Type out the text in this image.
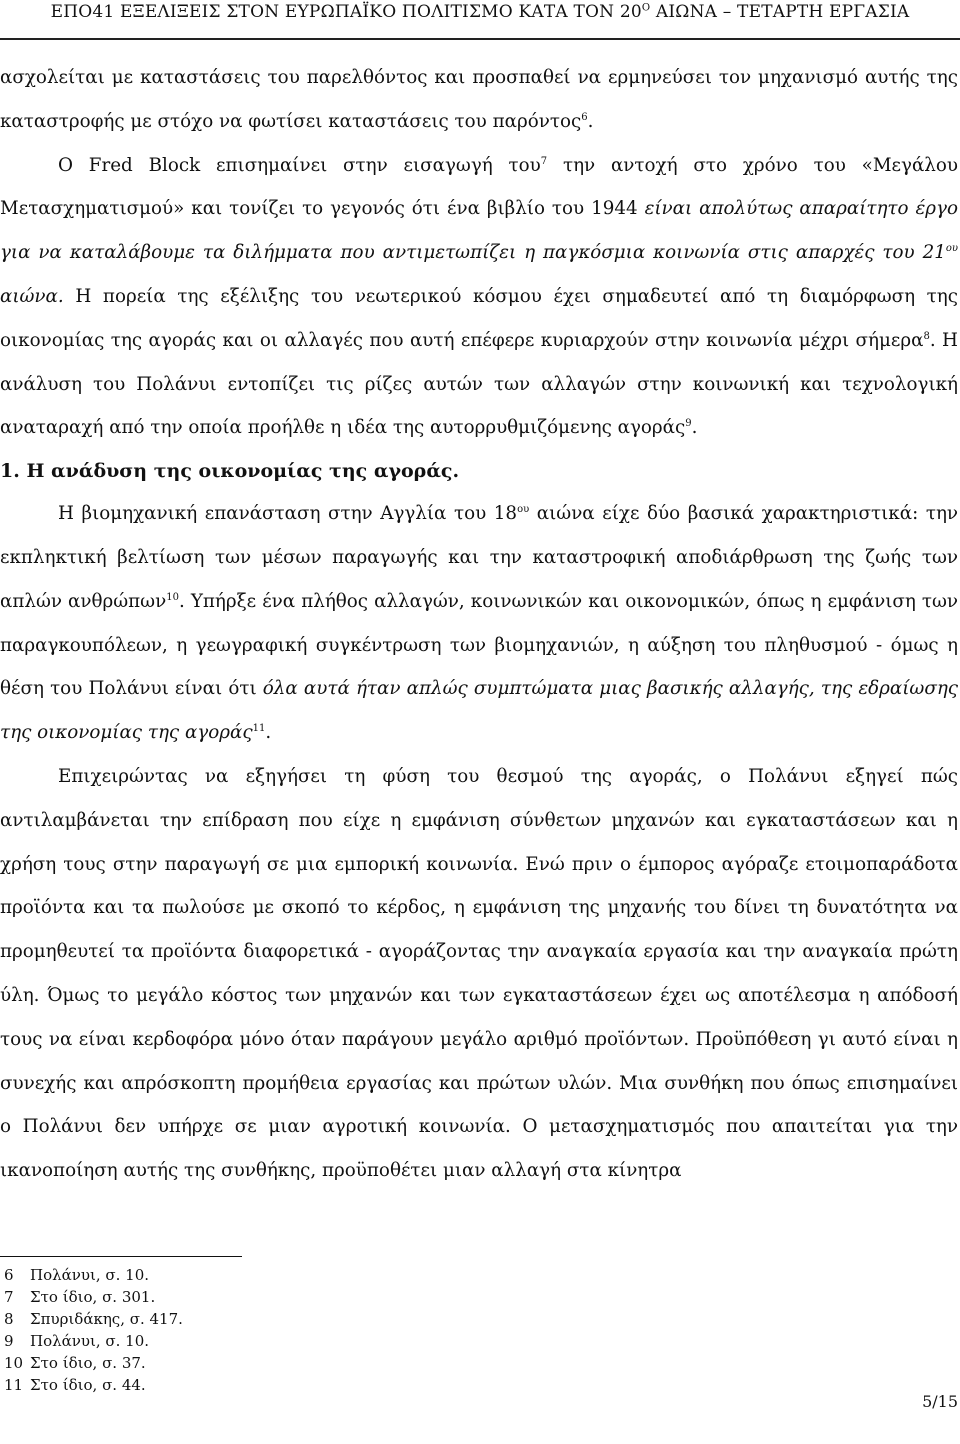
ΕΠΟ41 ΕΞΕΛΙΞΕΙΣ ΣΤΟΝ ΕΥΡΩΠΑΪΚΟ ΠΟΛΙΤΙΣΜΟ ΚΑΤΑ ΤΟΝ $20^O$ ΑΙΩΝΑ – ΤΕΤΑΡΤΗ ΕΡΓΑΣΙΑ

ασχολείται με καταστάσεις του παρελθόντος και προσπαθεί να ερμηνεύσει τον μηχανισμό αυτής της καταστροφής με στόχο να φωτίσει καταστάσεις του παρόντος$^6$.

Ο Fred Block επισημαίνει στην εισαγωγή του$^7$ την αντοχή στο χρόνο του «Μεγάλου Μετασχηματισμού» και τονίζει το γεγονός ότι ένα βιβλίο του 1944 είναι απολύτως απαραίτητο έργο για να καταλάβουμε τα διλήμματα που αντιμετωπίζει η παγκόσμια κοινωνία στις απαρχές του $21^{o\upsilon}$ αιώνα. Η πορεία της εξέλιξης του νεωτερικού κόσμου έχει σημαδευτεί από τη διαμόρφωση της οικονομίας της αγοράς και οι αλλαγές που αυτή επέφερε κυριαρχούν στην κοινωνία μέχρι σήμερα$^8$. Η ανάλυση του Πολάνυι εντοπίζει τις ρίζες αυτών των αλλαγών στην κοινωνική και τεχνολογική αναταραχή από την οποία προήλθε η ιδέα της αυτορρυθμιζόμενης αγοράς$^9$.

1. Η ανάδυση της οικονομίας της αγοράς.

Η βιομηχανική επανάσταση στην Αγγλία του $18^{o\upsilon}$ αιώνα είχε δύο βασικά χαρακτηριστικά: την εκπληκτική βελτίωση των μέσων παραγωγής και την καταστροφική αποδιάρθρωση της ζωής των απλών ανθρώπων$^{10}$. Υπήρξε ένα πλήθος αλλαγών, κοινωνικών και οικονομικών, όπως η εμφάνιση των παραγκουπόλεων, η γεωγραφική συγκέντρωση των βιομηχανιών, η αύξηση του πληθυσμού - όμως η θέση του Πολάνυι είναι ότι όλα αυτά ήταν απλώς συμπτώματα μιας βασικής αλλαγής, της εδραίωσης της οικονομίας της αγοράς$^{11}$.

Επιχειρώντας να εξηγήσει τη φύση του θεσμού της αγοράς, ο Πολάνυι εξηγεί πώς αντιλαμβάνεται την επίδραση που είχε η εμφάνιση σύνθετων μηχανών και εγκαταστάσεων και η χρήση τους στην παραγωγή σε μια εμπορική κοινωνία. Ενώ πριν ο έμπορος αγόραζε ετοιμοπαράδοτα προϊόντα και τα πωλούσε με σκοπό το κέρδος, η εμφάνιση της μηχανής του δίνει τη δυνατότητα να προμηθευτεί τα προϊόντα διαφορετικά - αγοράζοντας την αναγκαία εργασία και την αναγκαία πρώτη ύλη. Όμως το μεγάλο κόστος των μηχανών και των εγκαταστάσεων έχει ως αποτέλεσμα η απόδοσή τους να είναι κερδοφόρα μόνο όταν παράγουν μεγάλο αριθμό προϊόντων. Προϋπόθεση γι αυτό είναι η συνεχής και απρόσκοπτη προμήθεια εργασίας και πρώτων υλών. Μια συνθήκη που όπως επισημαίνει ο Πολάνυι δεν υπήρχε σε μιαν αγροτική κοινωνία. Ο μετασχηματισμός που απαιτείται για την ικανοποίηση αυτής της συνθήκης, προϋποθέτει μιαν αλλαγή στα κίνητρα

6	Πολάνυι, σ. 10.
7	Στο ίδιο, σ. 301.
8	Σπυριδάκης, σ. 417.
9	Πολάνυι, σ. 10.
10 Στο ίδιο, σ. 37.
11 Στο ίδιο, σ. 44.
5/15
